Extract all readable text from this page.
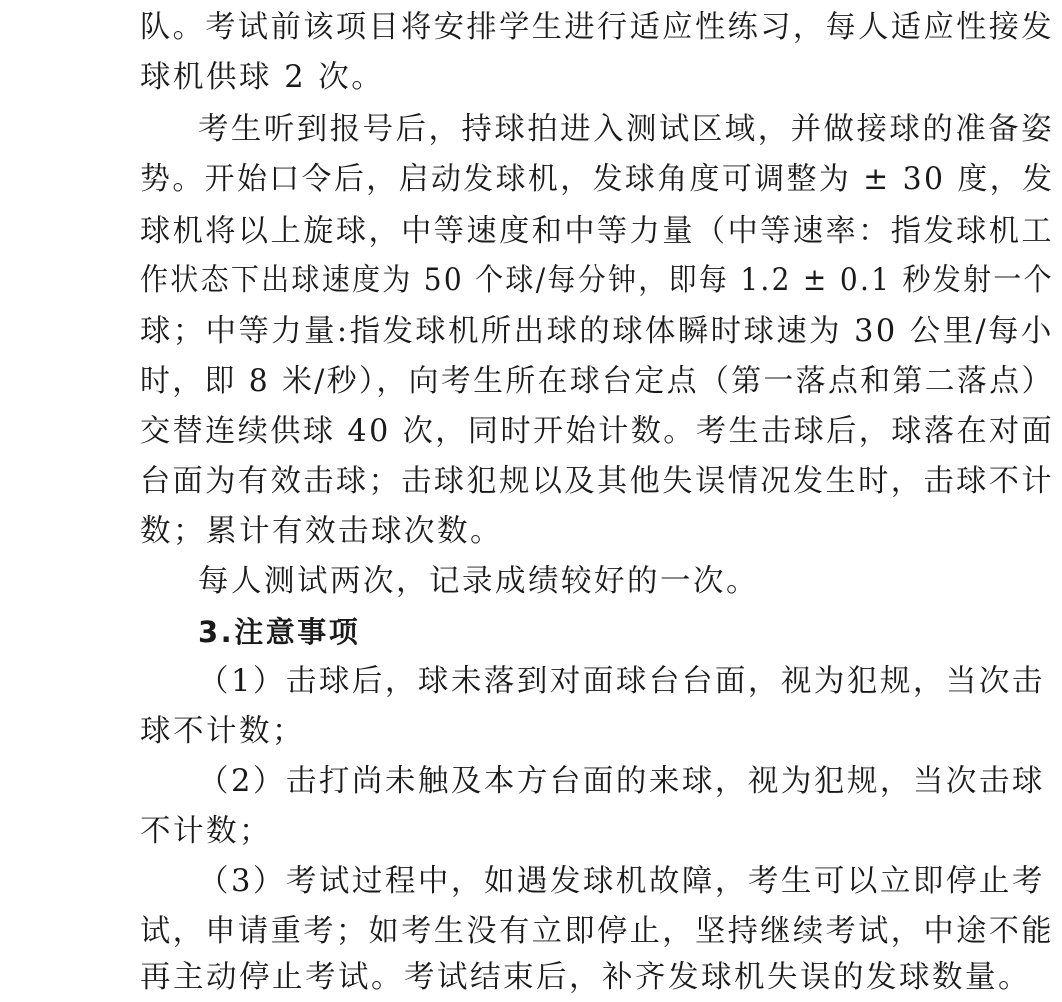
队。考试前该项目将安排学生进行适应性练习，每人适应性接发
球机供球 2 次。
考生听到报号后，持球拍进入测试区域，并做接球的准备姿
势。开始口令后，启动发球机，发球角度可调整为 ± 30 度，发
球机将以上旋球，中等速度和中等力量（中等速率：指发球机工
作状态下出球速度为 50 个球/每分钟，即每 1.2 ± 0.1 秒发射一个
球；中等力量:指发球机所出球的球体瞬时球速为 30 公里/每小
时，即 8 米/秒），向考生所在球台定点（第一落点和第二落点）
交替连续供球 40 次，同时开始计数。考生击球后，球落在对面
台面为有效击球；击球犯规以及其他失误情况发生时，击球不计
数；累计有效击球次数。
每人测试两次，记录成绩较好的一次。
3.注意事项
（1）击球后，球未落到对面球台台面，视为犯规，当次击
球不计数；
（2）击打尚未触及本方台面的来球，视为犯规，当次击球
不计数；
（3）考试过程中，如遇发球机故障，考生可以立即停止考
试，申请重考；如考生没有立即停止，坚持继续考试，中途不能
再主动停止考试。考试结束后，补齐发球机失误的发球数量。
